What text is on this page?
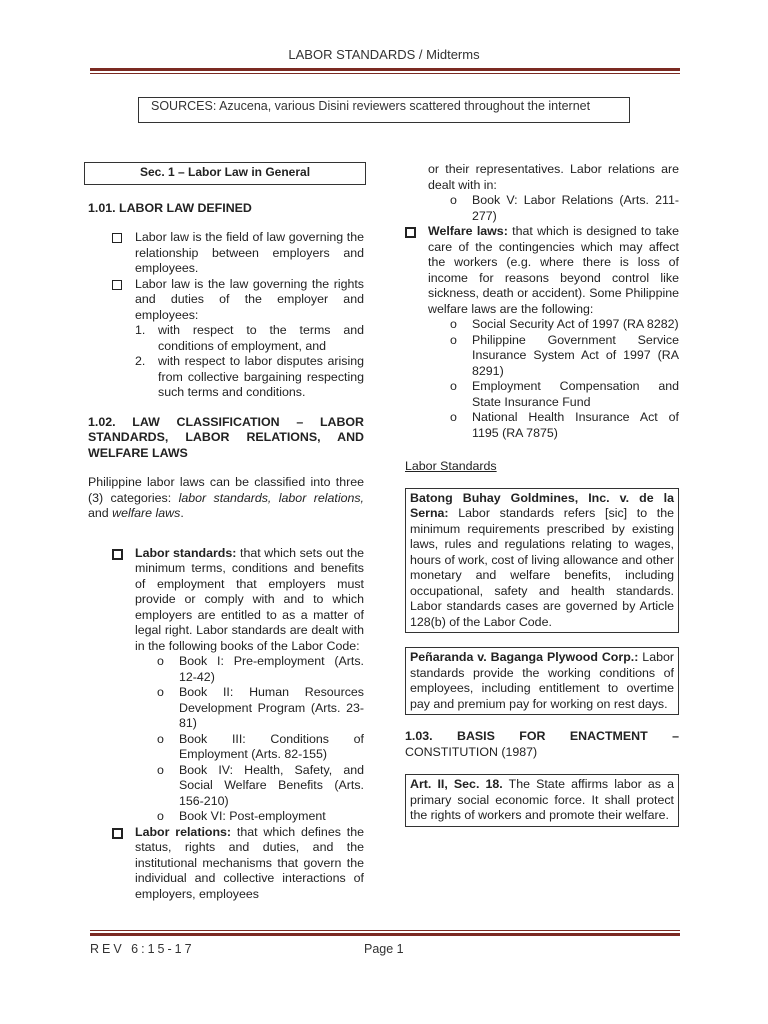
LABOR STANDARDS / Midterms
SOURCES: Azucena, various Disini reviewers scattered throughout the internet
Sec. 1 – Labor Law in General
1.01. LABOR LAW DEFINED
Labor law is the field of law governing the relationship between employers and employees.
Labor law is the law governing the rights and duties of the employer and employees:
1. with respect to the terms and conditions of employment, and
2. with respect to labor disputes arising from collective bargaining respecting such terms and conditions.
1.02. LAW CLASSIFICATION – LABOR STANDARDS, LABOR RELATIONS, AND WELFARE LAWS

Philippine labor laws can be classified into three (3) categories: labor standards, labor relations, and welfare laws.

Labor standards: that which sets out the minimum terms, conditions and benefits of employment that employers must provide or comply with and to which employers are entitled to as a matter of legal right. Labor standards are dealt with in the following books of the Labor Code:
o Book I: Pre-employment (Arts. 12-42)
o Book II: Human Resources Development Program (Arts. 23-81)
o Book III: Conditions of Employment (Arts. 82-155)
o Book IV: Health, Safety, and Social Welfare Benefits (Arts. 156-210)
o Book VI: Post-employment
Labor relations: that which defines the status, rights and duties, and the institutional mechanisms that govern the individual and collective interactions of employers, employees
or their representatives. Labor relations are dealt with in:
o Book V: Labor Relations (Arts. 211-277)
Welfare laws: that which is designed to take care of the contingencies which may affect the workers (e.g. where there is loss of income for reasons beyond control like sickness, death or accident). Some Philippine welfare laws are the following:
o Social Security Act of 1997 (RA 8282)
o Philippine Government Service Insurance System Act of 1997 (RA 8291)
o Employment Compensation and State Insurance Fund
o National Health Insurance Act of 1195 (RA 7875)
Labor Standards
Batong Buhay Goldmines, Inc. v. de la Serna: Labor standards refers [sic] to the minimum requirements prescribed by existing laws, rules and regulations relating to wages, hours of work, cost of living allowance and other monetary and welfare benefits, including occupational, safety and health standards. Labor standards cases are governed by Article 128(b) of the Labor Code.
Peñaranda v. Baganga Plywood Corp.: Labor standards provide the working conditions of employees, including entitlement to overtime pay and premium pay for working on rest days.
1.03. BASIS FOR ENACTMENT –
CONSTITUTION (1987)
Art. II, Sec. 18. The State affirms labor as a primary social economic force. It shall protect the rights of workers and promote their welfare.
REV 6:15-17	Page 1
